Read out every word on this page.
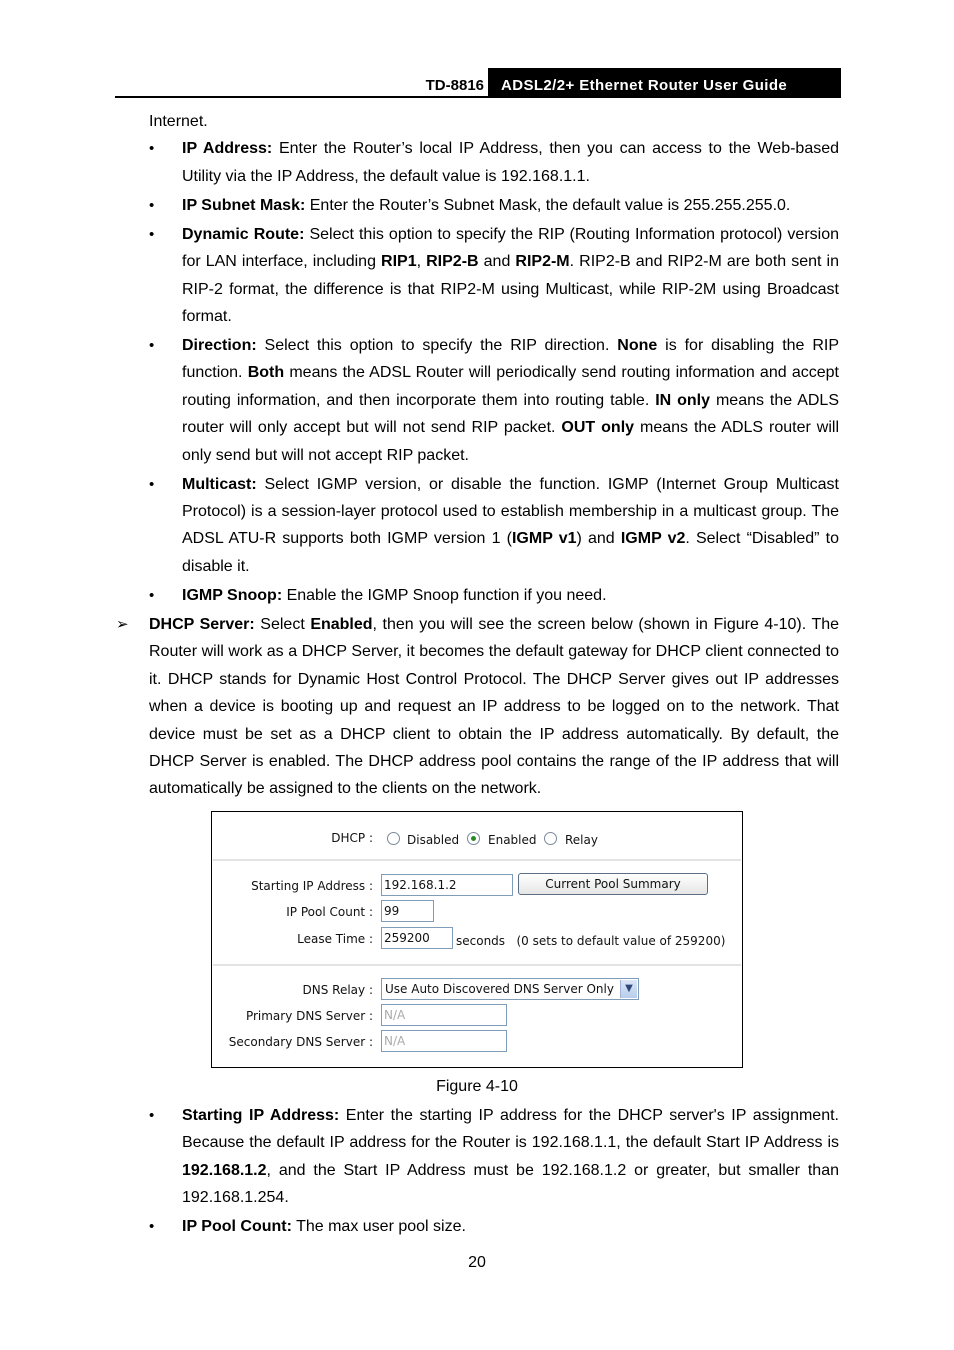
TD-8816	ADSL2/2+ Ethernet Router User Guide

Internet.

• IP Address: Enter the Router’s local IP Address, then you can access to the Web-based Utility via the IP Address, the default value is 192.168.1.1.
• IP Subnet Mask: Enter the Router’s Subnet Mask, the default value is 255.255.255.0.
• Dynamic Route: Select this option to specify the RIP (Routing Information protocol) version for LAN interface, including RIP1, RIP2-B and RIP2-M. RIP2-B and RIP2-M are both sent in RIP-2 format, the difference is that RIP2-M using Multicast, while RIP-2M using Broadcast format.
• Direction: Select this option to specify the RIP direction. None is for disabling the RIP function. Both means the ADSL Router will periodically send routing information and accept routing information, and then incorporate them into routing table. IN only means the ADLS router will only accept but will not send RIP packet. OUT only means the ADLS router will only send but will not accept RIP packet.
• Multicast: Select IGMP version, or disable the function. IGMP (Internet Group Multicast Protocol) is a session-layer protocol used to establish membership in a multicast group. The ADSL ATU-R supports both IGMP version 1 (IGMP v1) and IGMP v2. Select “Disabled” to disable it.
• IGMP Snoop: Enable the IGMP Snoop function if you need.

➢ DHCP Server: Select Enabled, then you will see the screen below (shown in Figure 4-10). The Router will work as a DHCP Server, it becomes the default gateway for DHCP client connected to it. DHCP stands for Dynamic Host Control Protocol. The DHCP Server gives out IP addresses when a device is booting up and request an IP address to be logged on to the network. That device must be set as a DHCP client to obtain the IP address automatically. By default, the DHCP Server is enabled. The DHCP address pool contains the range of the IP address that will automatically be assigned to the clients on the network.

DHCP :	Disabled Enabled Relay
Starting IP Address : 192.168.1.2	Current Pool Summary
IP Pool Count : 99
Lease Time : 259200	seconds   (0 sets to default value of 259200)
DNS Relay :	Use Auto Discovered DNS Server Only	▼
Primary DNS Server : N/A
Secondary DNS Server : N/A
Figure 4-10
• Starting IP Address: Enter the starting IP address for the DHCP server's IP assignment. Because the default IP address for the Router is 192.168.1.1, the default Start IP Address is 192.168.1.2, and the Start IP Address must be 192.168.1.2 or greater, but smaller than 192.168.1.254.
• IP Pool Count: The max user pool size.
20
